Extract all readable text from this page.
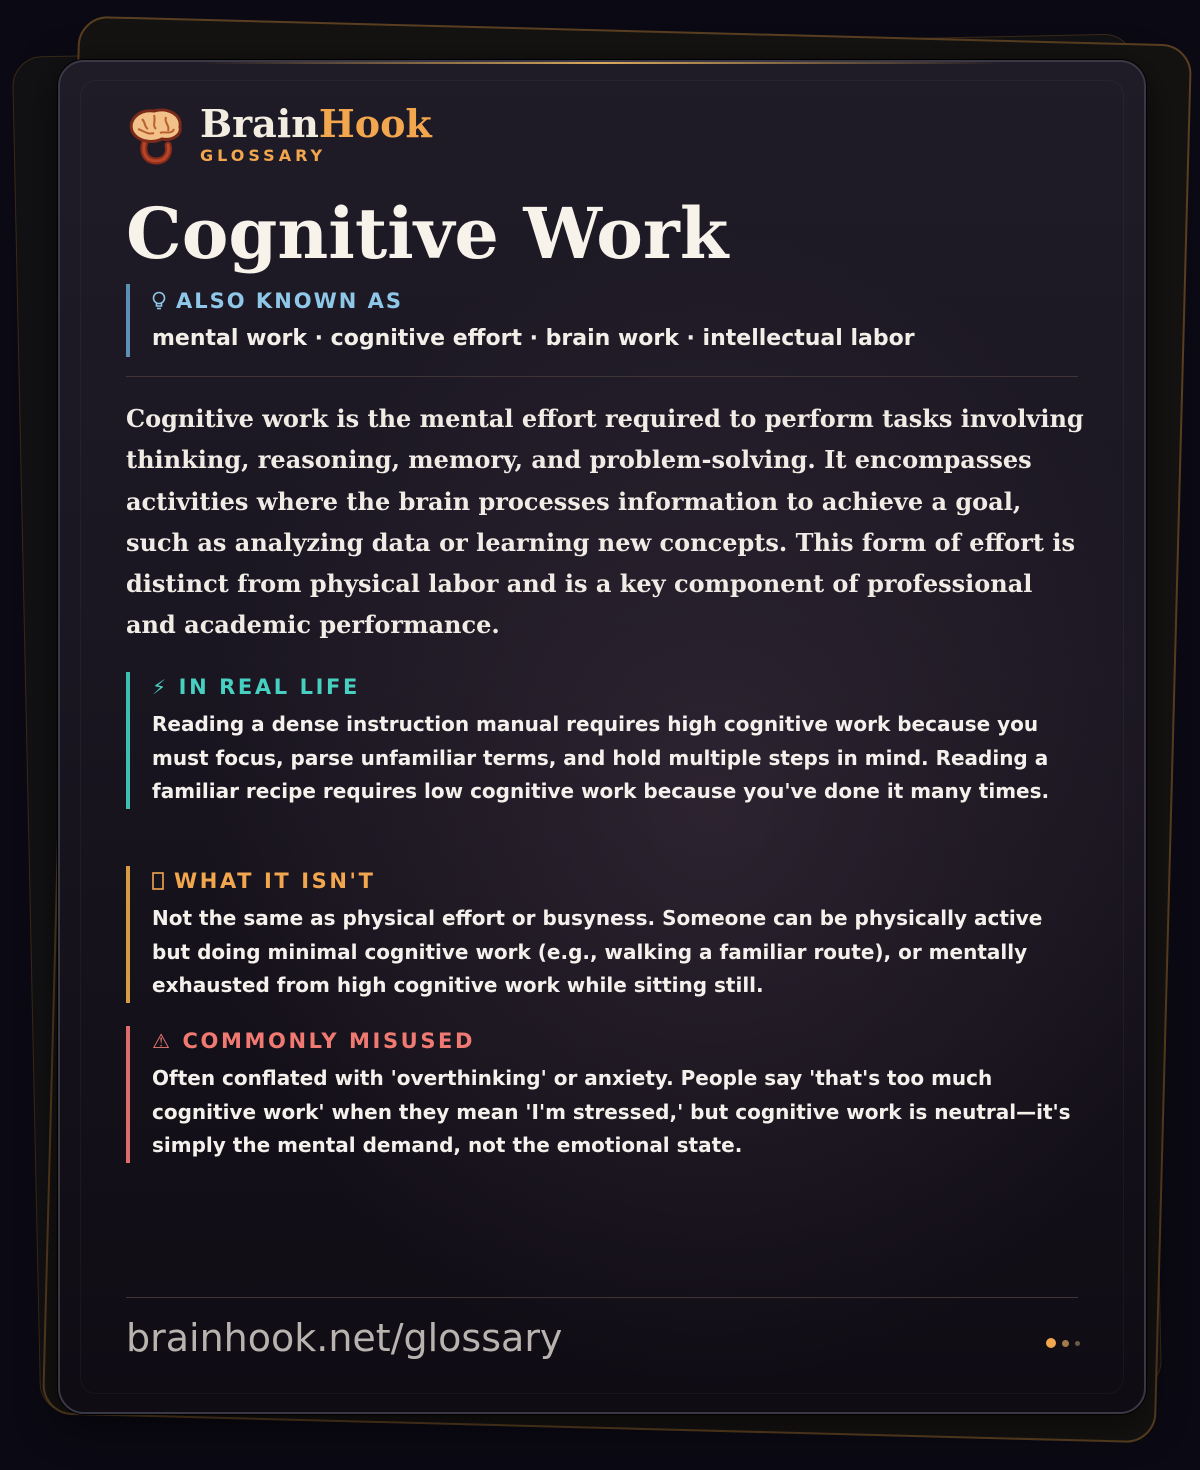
BrainHook
GLOSSARY
Cognitive Work
ALSO KNOWN AS
mental work · cognitive effort · brain work · intellectual labor

Cognitive work is the mental effort required to perform tasks involving thinking, reasoning, memory, and problem-solving. It encompasses activities where the brain processes information to achieve a goal, such as analyzing data or learning new concepts. This form of effort is distinct from physical labor and is a key component of professional and academic performance.

⚡ IN REAL LIFE
Reading a dense instruction manual requires high cognitive work because you must focus, parse unfamiliar terms, and hold multiple steps in mind. Reading a familiar recipe requires low cognitive work because you've done it many times.
WHAT IT ISN'T
Not the same as physical effort or busyness. Someone can be physically active but doing minimal cognitive work (e.g., walking a familiar route), or mentally exhausted from high cognitive work while sitting still.
⚠ COMMONLY MISUSED
Often conflated with 'overthinking' or anxiety. People say 'that's too much cognitive work' when they mean 'I'm stressed,' but cognitive work is neutral—it's simply the mental demand, not the emotional state.
brainhook.net/glossary
